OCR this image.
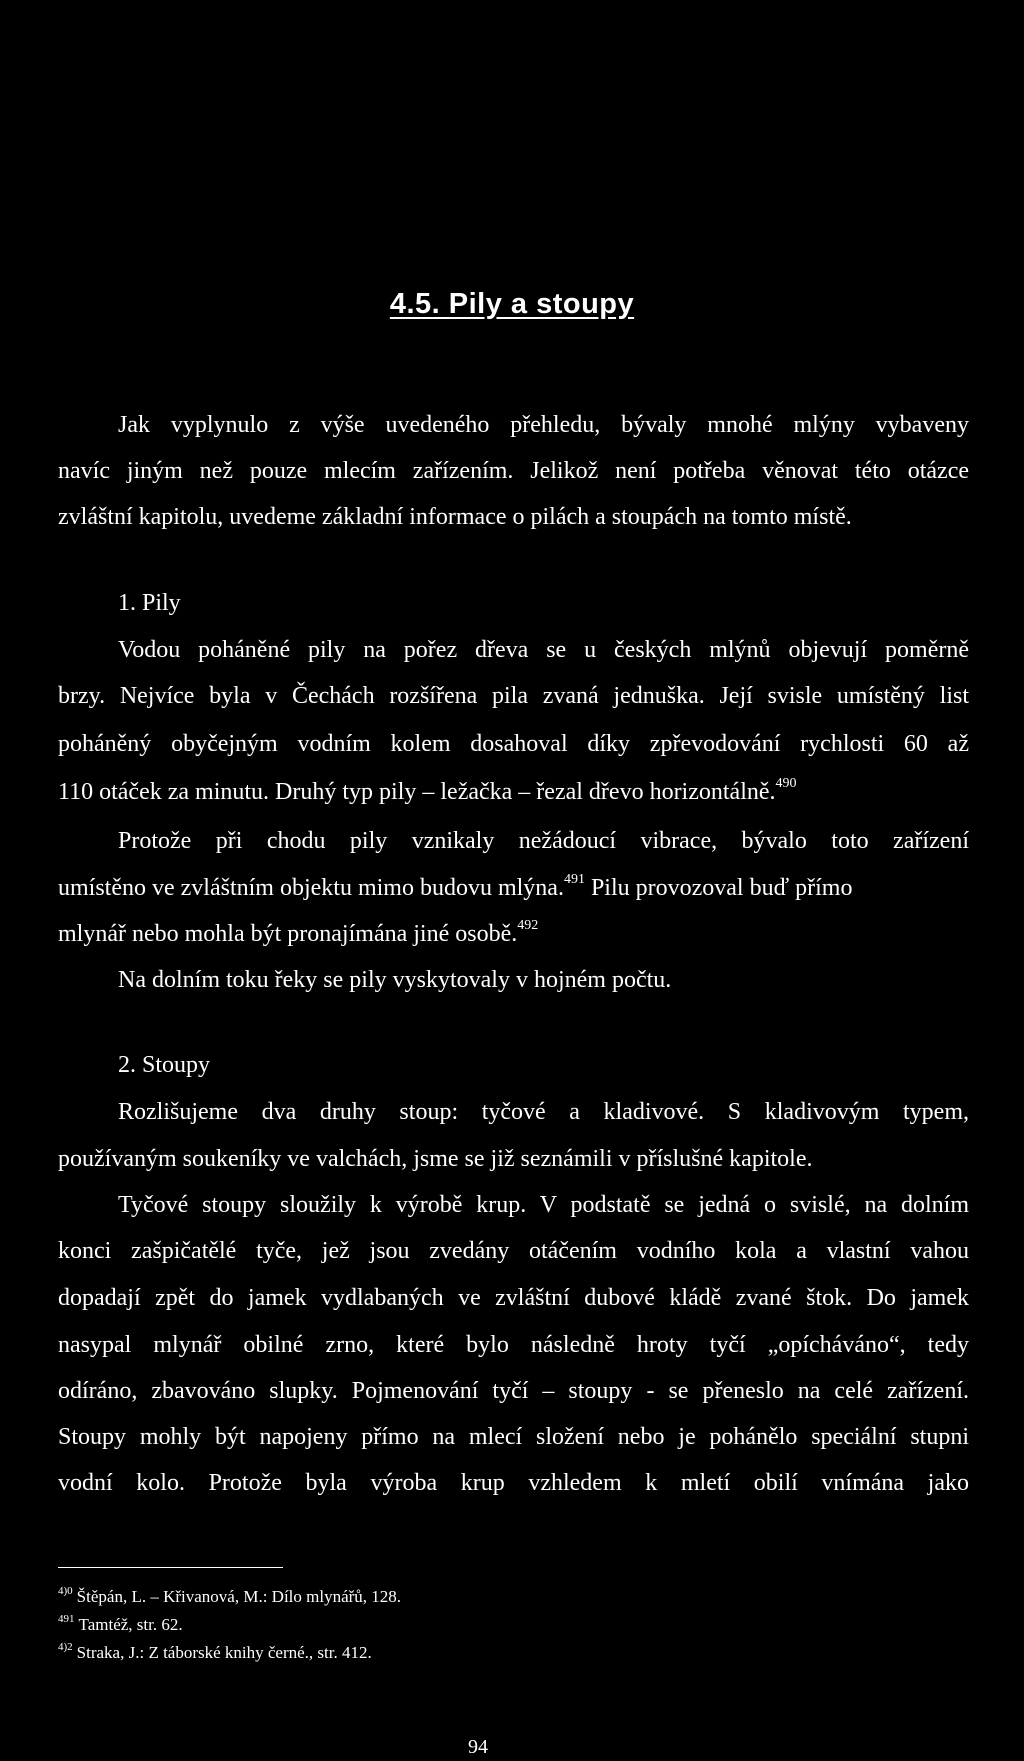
4.5. Pily a stoupy
Jak vyplynulo z výše uvedeného přehledu, bývaly mnohé mlýny vybaveny
navíc jiným než pouze mlecím zařízením. Jelikož není potřeba věnovat této otázce
zvláštní kapitolu, uvedeme základní informace o pilách a stoupách na tomto místě.
1. Pily
Vodou poháněné pily na pořez dřeva se u českých mlýnů objevují poměrně
brzy. Nejvíce byla v Čechách rozšířena pila zvaná jednuška. Její svisle umístěný list
poháněný obyčejným vodním kolem dosahoval díky zpřevodování rychlosti 60 až
110 otáček za minutu. Druhý typ pily – ležačka – řezal dřevo horizontálně.$^{490}$
Protože při chodu pily vznikaly nežádoucí vibrace, bývalo toto zařízení
umístěno ve zvláštním objektu mimo budovu mlýna.$^{491}$ Pilu provozoval buď přímo
mlynář nebo mohla být pronajímána jiné osobě.$^{492}$
Na dolním toku řeky se pily vyskytovaly v hojném počtu.
2. Stoupy
Rozlišujeme dva druhy stoup: tyčové a kladivové. S kladivovým typem,
používaným soukeníky ve valchách, jsme se již seznámili v příslušné kapitole.
Tyčové stoupy sloužily k výrobě krup. V podstatě se jedná o svislé, na dolním
konci zašpičatělé tyče, jež jsou zvedány otáčením vodního kola a vlastní vahou
dopadají zpět do jamek vydlabaných ve zvláštní dubové kládě zvané štok. Do jamek
nasypal mlynář obilné zrno, které bylo následně hroty tyčí „opícháváno“, tedy
odíráno, zbavováno slupky. Pojmenování tyčí – stoupy - se přeneslo na celé zařízení.
Stoupy mohly být napojeny přímo na mlecí složení nebo je pohánělo speciální stupni
vodní kolo. Protože byla výroba krup vzhledem k mletí obilí vnímána jako
$^{4)0}$ Štěpán, L. – Křivanová, M.: Dílo mlynářů, 128.
$^{491}$ Tamtéž, str. 62.
$^{4)2}$ Straka, J.: Z táborské knihy černé., str. 412.
94
